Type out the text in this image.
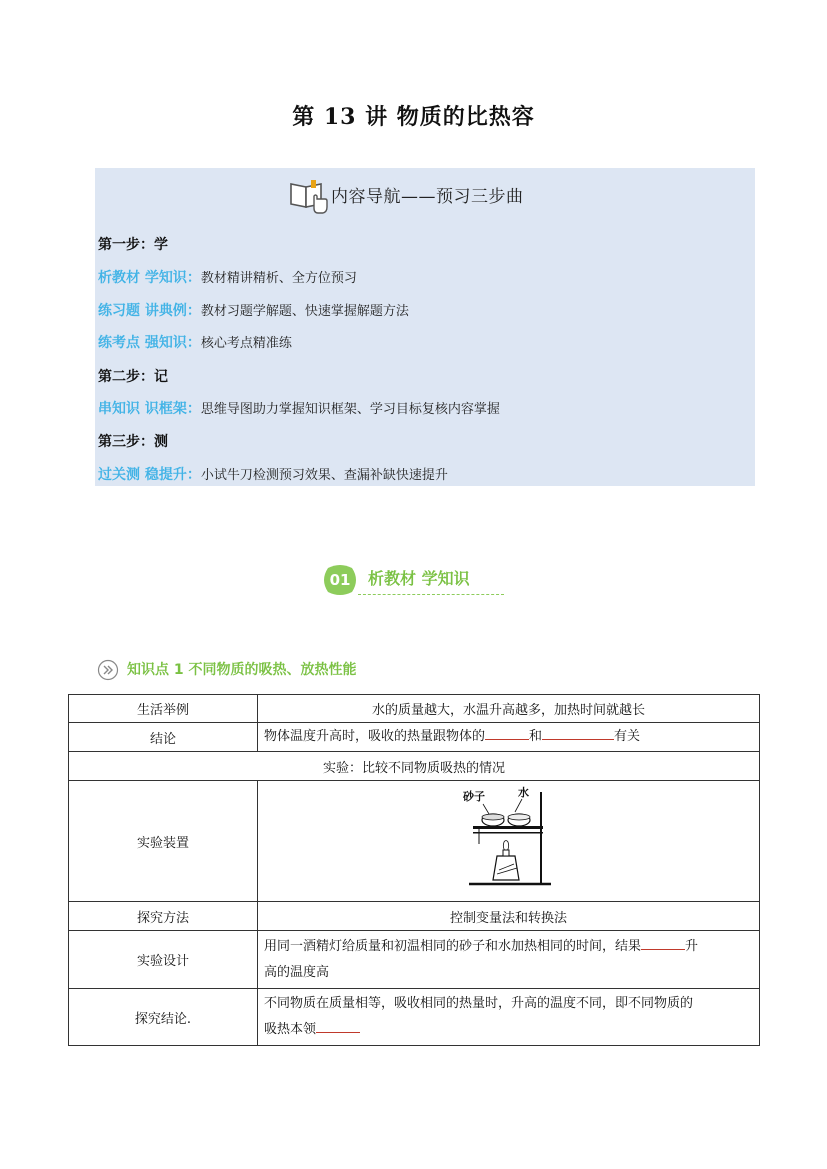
第 13 讲 物质的比热容
内容导航——预习三步曲
第一步：学
析教材 学知识：教材精讲精析、全方位预习
练习题 讲典例：教材习题学解题、快速掌握解题方法
练考点 强知识：核心考点精准练
第二步：记
串知识 识框架：思维导图助力掌握知识框架、学习目标复核内容掌握
第三步：测
过关测 稳提升：小试牛刀检测预习效果、查漏补缺快速提升
01 析教材 学知识
知识点 1 不同物质的吸热、放热性能
生活举例	水的质量越大，水温升高越多，加热时间就越长
结论	物体温度升高时，吸收的热量跟物体的 和 有关
实验：比较不同物质吸热的情况	
实验装置	砂子 水

探究方法	控制变量法和转换法
实验设计	用同一酒精灯给质量和初温相同的砂子和水加热相同的时间，结果 升
高的温度高
探究结论.	不同物质在质量相等，吸收相同的热量时，升高的温度不同，即不同物质的
吸热本领
